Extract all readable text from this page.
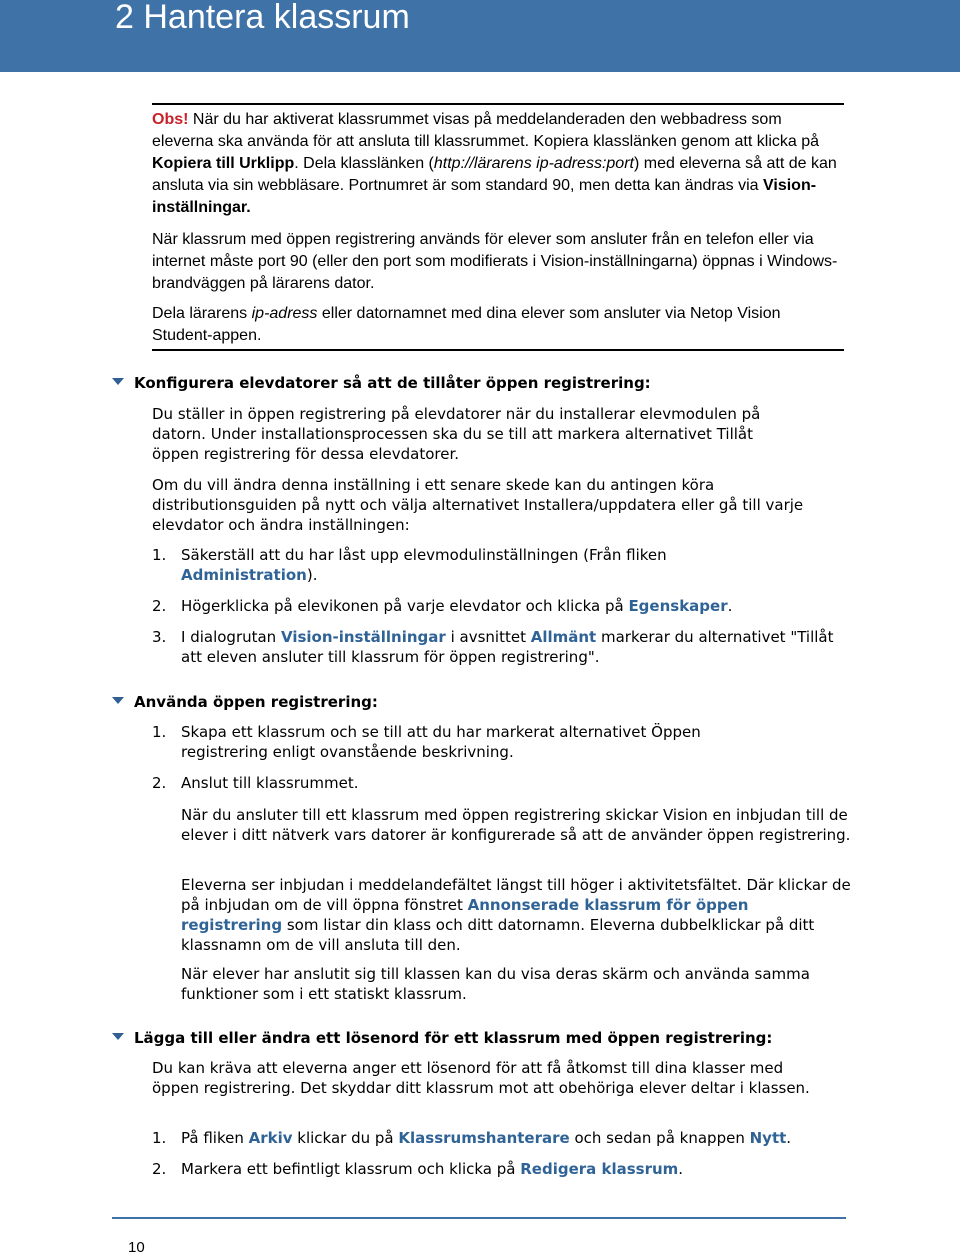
2 Hantera klassrum

Obs! När du har aktiverat klassrummet visas på meddelanderaden den webbadress som eleverna ska använda för att ansluta till klassrummet. Kopiera klasslänken genom att klicka på Kopiera till Urklipp. Dela klasslänken (http://lärarens ip-adress:port) med eleverna så att de kan ansluta via sin webbläsare. Portnumret är som standard 90, men detta kan ändras via Vision-inställningar.

När klassrum med öppen registrering används för elever som ansluter från en telefon eller via internet måste port 90 (eller den port som modifierats i Vision-inställningarna) öppnas i Windows-brandväggen på lärarens dator.

Dela lärarens ip-adress eller datornamnet med dina elever som ansluter via Netop Vision Student-appen.

Konfigurera elevdatorer så att de tillåter öppen registrering:
Du ställer in öppen registrering på elevdatorer när du installerar elevmodulen på datorn. Under installationsprocessen ska du se till att markera alternativet Tillåt öppen registrering för dessa elevdatorer.
Om du vill ändra denna inställning i ett senare skede kan du antingen köra distributionsguiden på nytt och välja alternativet Installera/uppdatera eller gå till varje elevdator och ändra inställningen:
1. Säkerställ att du har låst upp elevmodulinställningen (Från fliken Administration).
2. Högerklicka på elevikonen på varje elevdator och klicka på Egenskaper.
3. I dialogrutan Vision-inställningar i avsnittet Allmänt markerar du alternativet "Tillåt att eleven ansluter till klassrum för öppen registrering".
Använda öppen registrering:
1. Skapa ett klassrum och se till att du har markerat alternativet Öppen registrering enligt ovanstående beskrivning.
2. Anslut till klassrummet.
När du ansluter till ett klassrum med öppen registrering skickar Vision en inbjudan till de elever i ditt nätverk vars datorer är konfigurerade så att de använder öppen registrering.
Eleverna ser inbjudan i meddelandefältet längst till höger i aktivitetsfältet. Där klickar de på inbjudan om de vill öppna fönstret Annonserade klassrum för öppen registrering som listar din klass och ditt datornamn. Eleverna dubbelklickar på ditt klassnamn om de vill ansluta till den.
När elever har anslutit sig till klassen kan du visa deras skärm och använda samma funktioner som i ett statiskt klassrum.
Lägga till eller ändra ett lösenord för ett klassrum med öppen registrering:
Du kan kräva att eleverna anger ett lösenord för att få åtkomst till dina klasser med öppen registrering. Det skyddar ditt klassrum mot att obehöriga elever deltar i klassen.
1. På fliken Arkiv klickar du på Klassrumshanterare och sedan på knappen Nytt.
2. Markera ett befintligt klassrum och klicka på Redigera klassrum.
10
